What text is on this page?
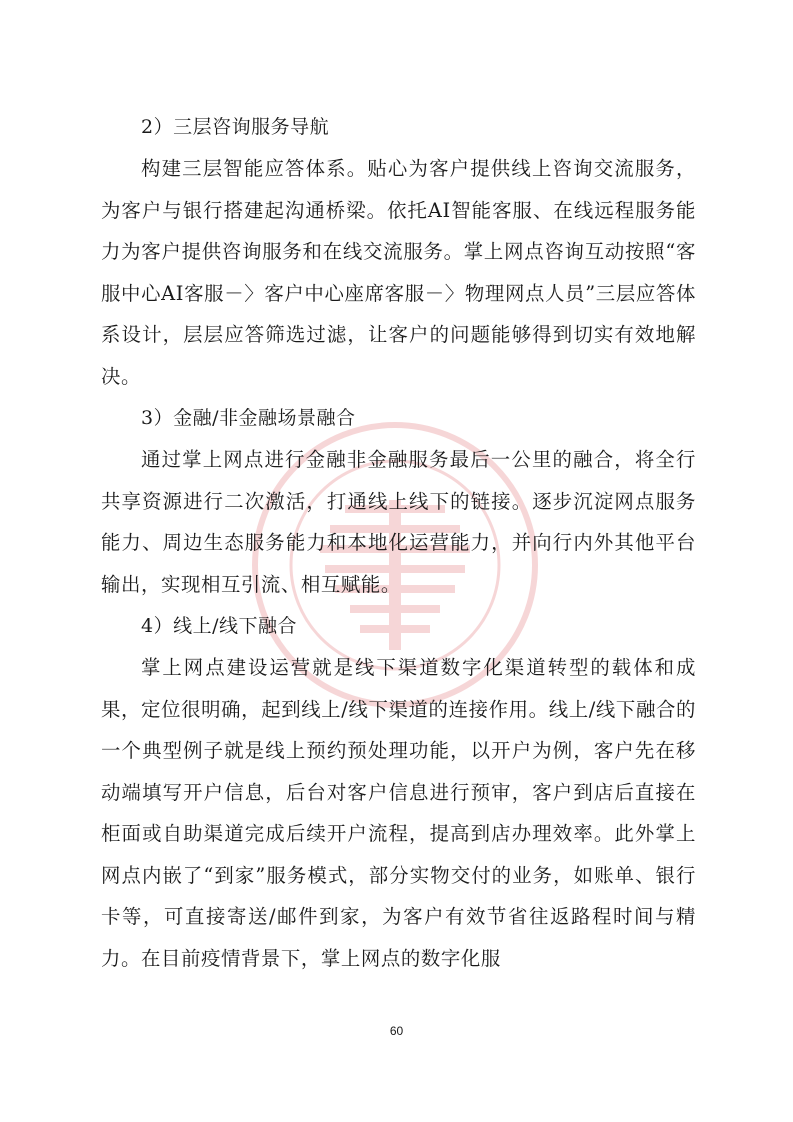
2）三层咨询服务导航

构建三层智能应答体系。贴心为客户提供线上咨询交流服务，为客户与银行搭建起沟通桥梁。依托AI智能客服、在线远程服务能力为客户提供咨询服务和在线交流服务。掌上网点咨询互动按照“客服中心AI客服－〉客户中心座席客服－〉物理网点人员”三层应答体系设计，层层应答筛选过滤，让客户的问题能够得到切实有效地解决。

3）金融/非金融场景融合

通过掌上网点进行金融非金融服务最后一公里的融合，将全行共享资源进行二次激活，打通线上线下的链接。逐步沉淀网点服务能力、周边生态服务能力和本地化运营能力，并向行内外其他平台输出，实现相互引流、相互赋能。

4）线上/线下融合

掌上网点建设运营就是线下渠道数字化渠道转型的载体和成果，定位很明确，起到线上/线下渠道的连接作用。线上/线下融合的一个典型例子就是线上预约预处理功能，以开户为例，客户先在移动端填写开户信息，后台对客户信息进行预审，客户到店后直接在柜面或自助渠道完成后续开户流程，提高到店办理效率。此外掌上网点内嵌了“到家”服务模式，部分实物交付的业务，如账单、银行卡等，可直接寄送/邮件到家，为客户有效节省往返路程时间与精力。在目前疫情背景下，掌上网点的数字化服

60
